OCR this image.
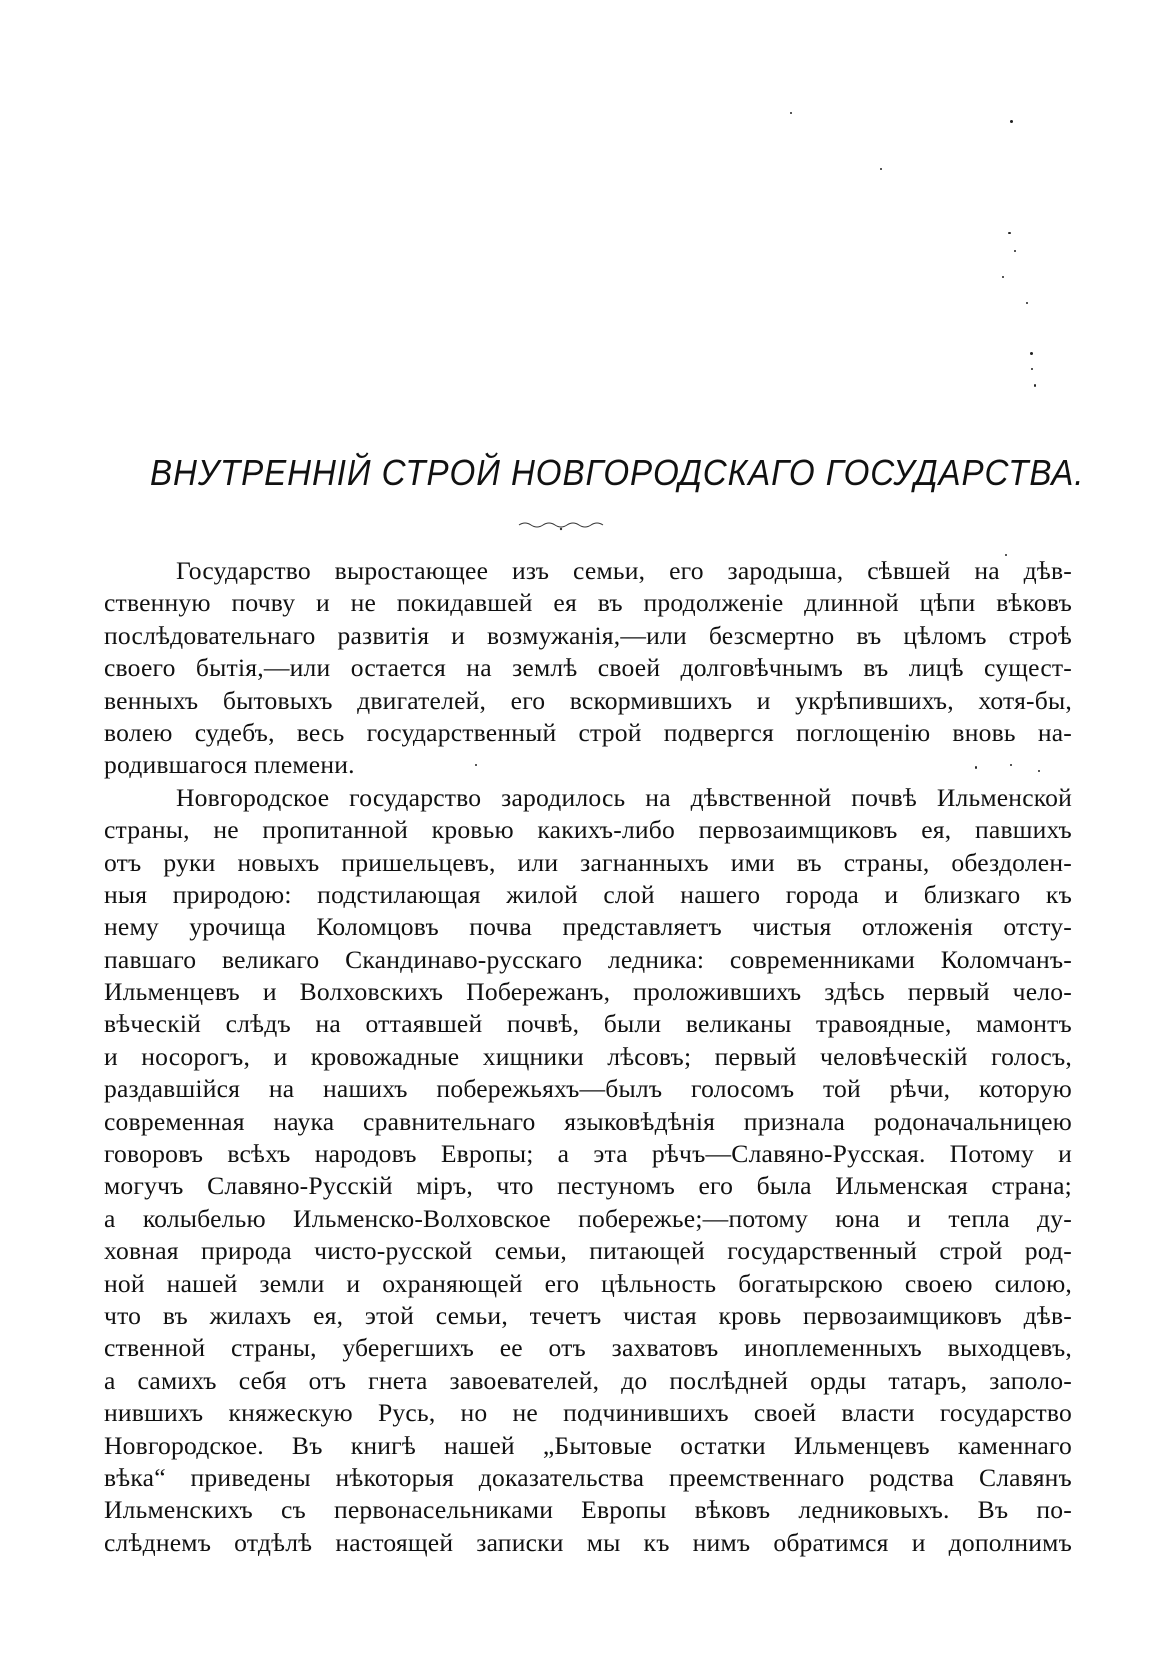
ВНУТРЕННІЙ СТРОЙ НОВГОРОДСКАГО ГОСУДАРСТВА.
Государство выростающее изъ семьи, его зародыша, сѣвшей на дѣв-
ственную почву и не покидавшей ея въ продолженіе длинной цѣпи вѣковъ
послѣдовательнаго развитія и возмужанія,—или безсмертно въ цѣломъ строѣ
своего бытія,—или остается на землѣ своей долговѣчнымъ въ лицѣ сущест-
венныхъ бытовыхъ двигателей, его вскормившихъ и укрѣпившихъ, хотя-бы,
волею судебъ, весь государственный строй подвергся поглощенію вновь на-
родившагося племени.
Новгородское государство зародилось на дѣвственной почвѣ Ильменской
страны, не пропитанной кровью какихъ-либо первозаимщиковъ ея, павшихъ
отъ руки новыхъ пришельцевъ, или загнанныхъ ими въ страны, обездолен-
ныя природою: подстилающая жилой слой нашего города и близкаго къ
нему урочища Коломцовъ почва представляетъ чистыя отложенія отсту-
павшаго великаго Скандинаво-русскаго ледника: современниками Коломчанъ-
Ильменцевъ и Волховскихъ Побережанъ, проложившихъ здѣсь первый чело-
вѣческій слѣдъ на оттаявшей почвѣ, были великаны травоядные, мамонтъ
и носорогъ, и кровожадные хищники лѣсовъ; первый человѣческій голосъ,
раздавшійся на нашихъ побережьяхъ—былъ голосомъ той рѣчи, которую
современная наука сравнительнаго языковѣдѣнія признала родоначальницею
говоровъ всѣхъ народовъ Европы; а эта рѣчъ—Славяно-Русская. Потому и
могучъ Славяно-Русскій міръ, что пестуномъ его была Ильменская страна;
а колыбелью Ильменско-Волховское побережье;—потому юна и тепла ду-
ховная природа чисто-русской семьи, питающей государственный строй род-
ной нашей земли и охраняющей его цѣльность богатырскою своею силою,
что въ жилахъ ея, этой семьи, течетъ чистая кровь первозаимщиковъ дѣв-
ственной страны, уберегшихъ ее отъ захватовъ иноплеменныхъ выходцевъ,
а самихъ себя отъ гнета завоевателей, до послѣдней орды татаръ, заполо-
нившихъ княжескую Русь, но не подчинившихъ своей власти государство
Новгородское. Въ книгѣ нашей „Бытовые остатки Ильменцевъ каменнаго
вѣка“ приведены нѣкоторыя доказательства преемственнаго родства Славянъ
Ильменскихъ съ первонасельниками Европы вѣковъ ледниковыхъ. Въ по-
слѣднемъ отдѣлѣ настоящей записки мы къ нимъ обратимся и дополнимъ
